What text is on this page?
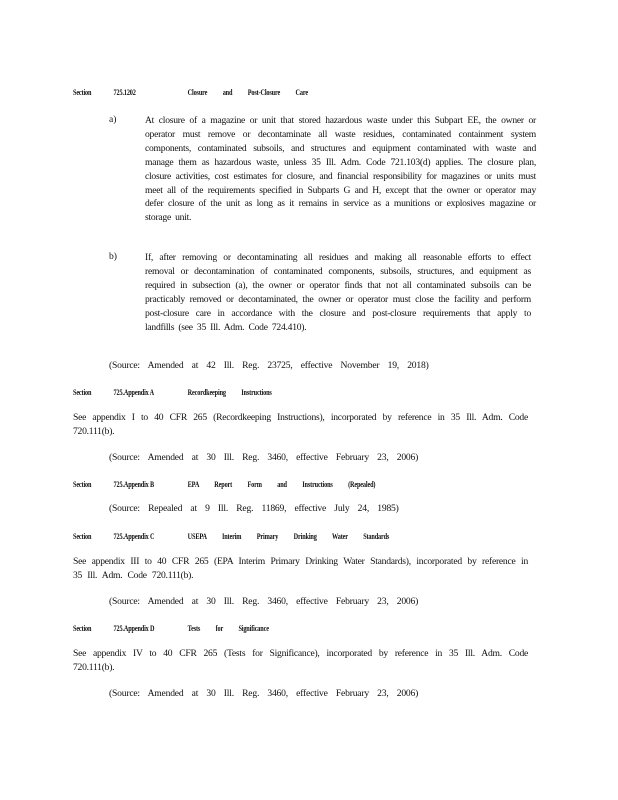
Section	725.1202	Closure and Post-Closure Care
a)	At closure of a magazine or unit that stored hazardous waste under this Subpart EE, the owner or operator must remove or decontaminate all waste residues, contaminated containment system components, contaminated subsoils, and structures and equipment contaminated with waste and manage them as hazardous waste, unless 35 Ill. Adm. Code 721.103(d) applies. The closure plan, closure activities, cost estimates for closure, and financial responsibility for magazines or units must meet all of the requirements specified in Subparts G and H, except that the owner or operator may defer closure of the unit as long as it remains in service as a munitions or explosives magazine or storage unit.
b)	If, after removing or decontaminating all residues and making all reasonable efforts to effect removal or decontamination of contaminated components, subsoils, structures, and equipment as required in subsection (a), the owner or operator finds that not all contaminated subsoils can be practicably removed or decontaminated, the owner or operator must close the facility and perform post-closure care in accordance with the closure and post-closure requirements that apply to landfills (see 35 Ill. Adm. Code 724.410).
(Source: Amended at 42 Ill. Reg. 23725, effective November 19, 2018)
Section	725.Appendix A	Recordkeeping Instructions
See appendix I to 40 CFR 265 (Recordkeeping Instructions), incorporated by reference in 35 Ill. Adm. Code 720.111(b).
(Source: Amended at 30 Ill. Reg. 3460, effective February 23, 2006)
Section	725.Appendix B	EPA Report Form and Instructions (Repealed)
(Source: Repealed at 9 Ill. Reg. 11869, effective July 24, 1985)
Section	725.Appendix C	USEPA Interim Primary Drinking Water Standards
See appendix III to 40 CFR 265 (EPA Interim Primary Drinking Water Standards), incorporated by reference in 35 Ill. Adm. Code 720.111(b).
(Source: Amended at 30 Ill. Reg. 3460, effective February 23, 2006)
Section	725.Appendix D	Tests for Significance
See appendix IV to 40 CFR 265 (Tests for Significance), incorporated by reference in 35 Ill. Adm. Code 720.111(b).
(Source: Amended at 30 Ill. Reg. 3460, effective February 23, 2006)
